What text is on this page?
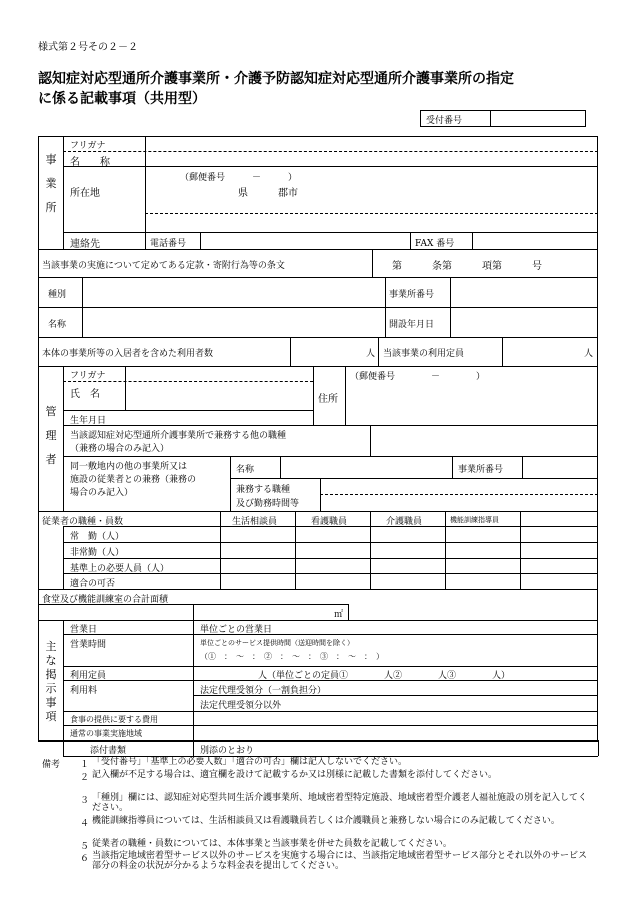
様式第２号その２－２
認知症対応型通所介護事業所・介護予防認知症対応型通所介護事業所の指定
に係る記載事項（共用型）
受付番号
事
業
所
フリガナ
名　　称
所在地
（郵便番号　　　－　　　）
県　　　郡市
連絡先	電話番号	FAX 番号
当該事業の実施について定めてある定款・寄附行為等の条文	第　　　条第　　　項第　　　号
種別	事業所番号
名称	開設年月日
本体の事業所等の入居者を含めた利用者数	人 当該事業の利用定員	人
管
理
者
フリガナ
氏　名	住所
（郵便番号　　　　－　　　　）
生年月日
当該認知症対応型通所介護事業所で兼務する他の職種
（兼務の場合のみ記入）
同一敷地内の他の事業所又は
施設の従業者との兼務（兼務の
場合のみ記入）
名称	事業所番号
兼務する職種
及び勤務時間等
従業者の職種・員数	生活相談員	看護職員	介護職員	機能訓練指導員
常　勤（人）
非常勤（人）
基準上の必要人員（人）
適合の可否
食堂及び機能訓練室の合計面積
㎡
主
な
掲
示
事
項
営業日	単位ごとの営業日
営業時間	単位ごとのサービス提供時間（送迎時間を除く）
（①　：　～　：　②　：　～　：　③　：　～　：　）
利用定員	人（単位ごとの定員①　　　　人②　　　　人③　　　　人）
利用料	法定代理受領分（一割負担分）
法定代理受領分以外
食事の提供に要する費用
通常の事業実施地域
添付書類	別添のとおり
備考 １ 「受付番号」「基準上の必要人数」「適合の可否」欄は記入しないでください。
２ 記入欄が不足する場合は、適宜欄を設けて記載するか又は別様に記載した書類を添付してください。
３ 「種別」欄には、認知症対応型共同生活介護事業所、地域密着型特定施設、地域密着型介護老人福祉施設の別を記入してください。
４ 機能訓練指導員については、生活相談員又は看護職員若しくは介護職員と兼務しない場合にのみ記載してください。
５ 従業者の職種・員数については、本体事業と当該事業を併せた員数を記載してください。
６ 当該指定地域密着型サービス以外のサービスを実施する場合には、当該指定地域密着型サービス部分とそれ以外のサービス部分の料金の状況が分かるような料金表を提出してください。
